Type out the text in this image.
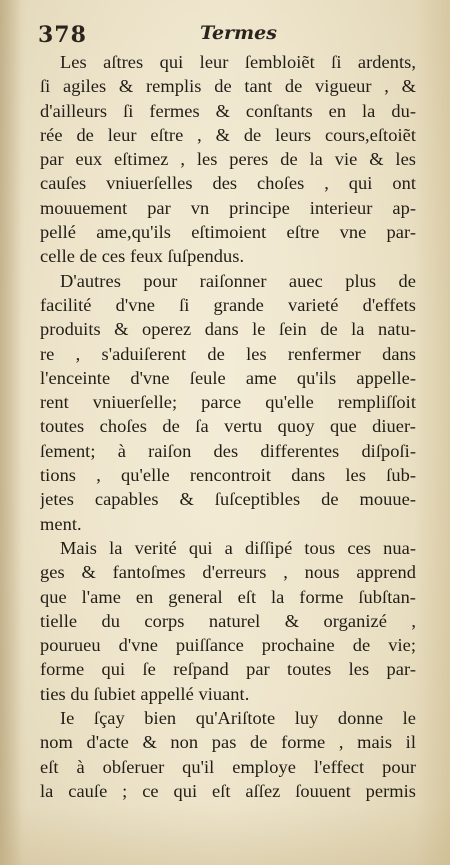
378	Termes
Les aſtres qui leur ſembloiẽt ſi ardents,
ſi agiles & remplis de tant de vigueur , &
d'ailleurs ſi fermes & conſtants en la du-
rée de leur eſtre , & de leurs cours,eſtoiẽt
par eux eſtimez , les peres de la vie & les
cauſes vniuerſelles des choſes , qui ont
mouuement par vn principe interieur ap-
pellé ame,qu'ils eſtimoient eſtre vne par-
celle de ces feux ſuſpendus.
D'autres pour raiſonner auec plus de
facilité d'vne ſi grande varieté d'effets
produits & operez dans le ſein de la natu-
re , s'aduiſerent de les renfermer dans
l'enceinte d'vne ſeule ame qu'ils appelle-
rent vniuerſelle; parce qu'elle rempliſſoit
toutes choſes de ſa vertu quoy que diuer-
ſement; à raiſon des differentes diſpoſi-
tions , qu'elle rencontroit dans les ſub-
jetes capables & ſuſceptibles de mouue-
ment.
Mais la verité qui a diſſipé tous ces nua-
ges & fantoſmes d'erreurs , nous apprend
que l'ame en general eſt la forme ſubſtan-
tielle du corps naturel & organizé ,
pourueu d'vne puiſſance prochaine de vie;
forme qui ſe reſpand par toutes les par-
ties du ſubiet appellé viuant.
Ie ſçay bien qu'Ariſtote luy donne le
nom d'acte & non pas de forme , mais il
eſt à obſeruer qu'il employe l'effect pour
la cauſe ; ce qui eſt aſſez ſouuent permis
